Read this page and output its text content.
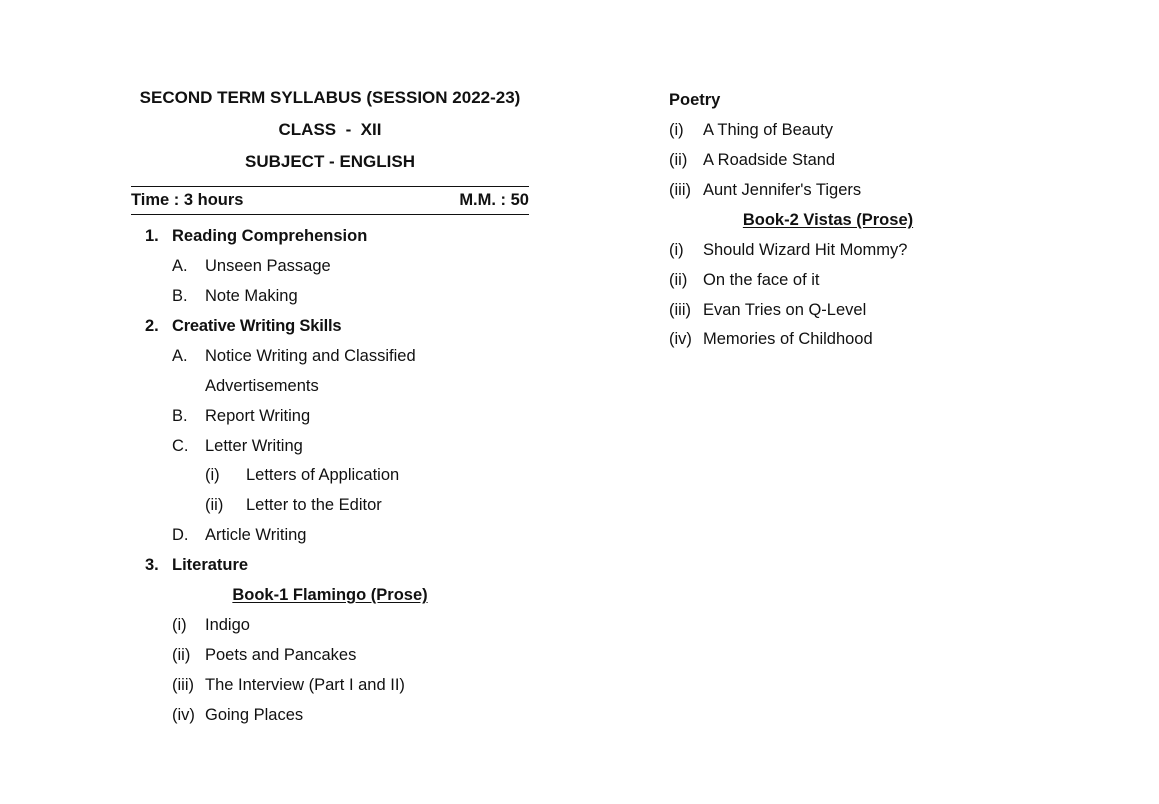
SECOND TERM SYLLABUS (SESSION 2022-23)
CLASS  -  XII
SUBJECT - ENGLISH
Time : 3 hours	M.M. : 50
1. Reading Comprehension
A. Unseen Passage
B. Note Making
2. Creative Writing Skills
A. Notice Writing and Classified
Advertisements
B. Report Writing
C. Letter Writing
(i) Letters of Application
(ii) Letter to the Editor
D. Article Writing
3. Literature
Book-1 Flamingo (Prose)
(i) Indigo
(ii) Poets and Pancakes
(iii) The Interview (Part I and II)
(iv) Going Places
Poetry
(i) A Thing of Beauty
(ii) A Roadside Stand
(iii) Aunt Jennifer's Tigers
Book-2 Vistas (Prose)
(i) Should Wizard Hit Mommy?
(ii) On the face of it
(iii) Evan Tries on Q-Level
(iv) Memories of Childhood
